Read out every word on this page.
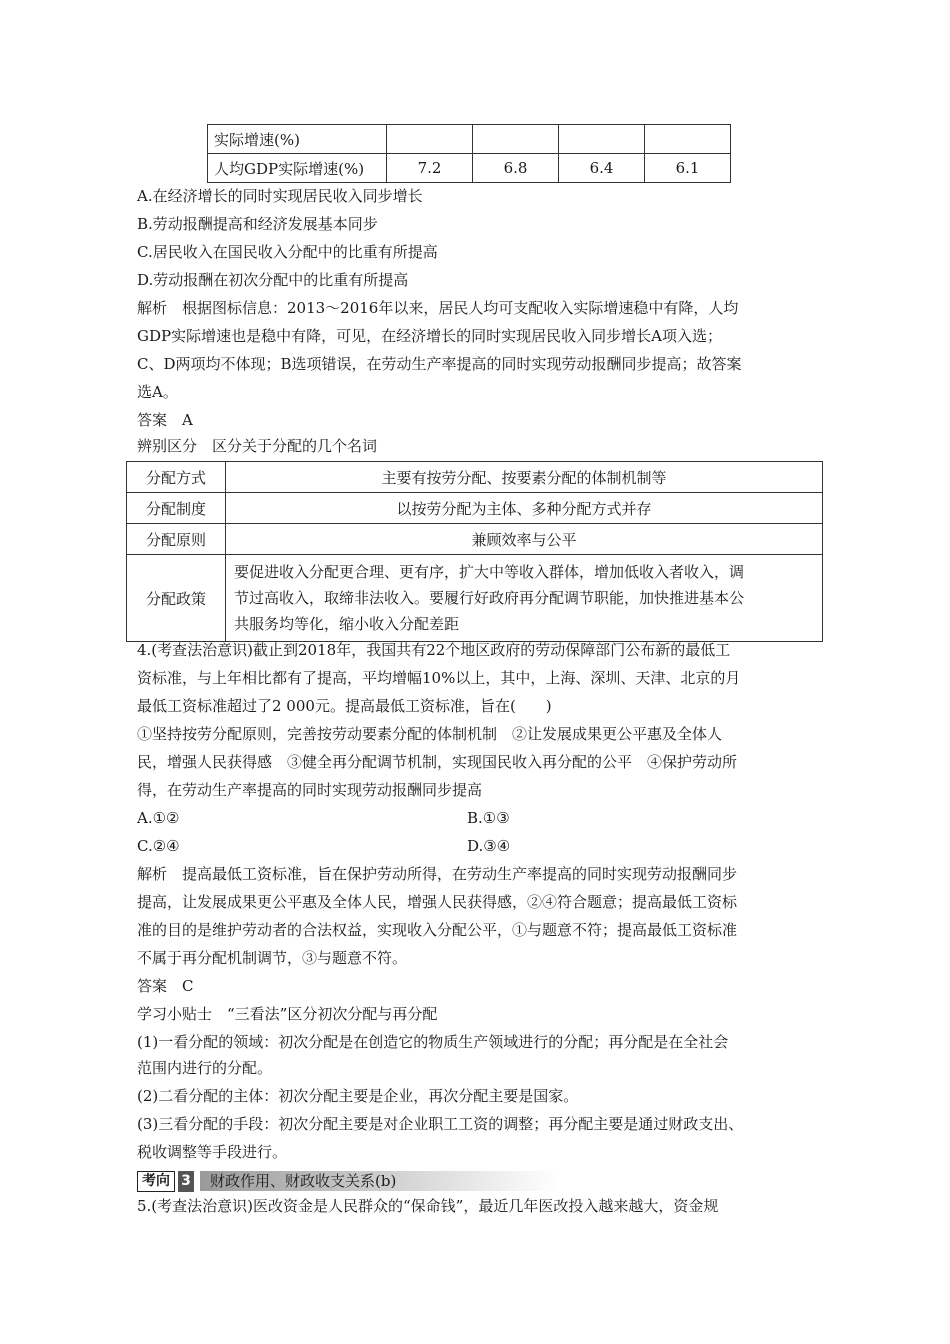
实际增速(%)				
人均GDP实际增速(%)	7.2	6.8	6.4	6.1
A.在经济增长的同时实现居民收入同步增长
B.劳动报酬提高和经济发展基本同步
C.居民收入在国民收入分配中的比重有所提高
D.劳动报酬在初次分配中的比重有所提高
解析　根据图标信息：2013～2016年以来，居民人均可支配收入实际增速稳中有降，人均
GDP实际增速也是稳中有降，可见，在经济增长的同时实现居民收入同步增长A项入选；
C、D两项均不体现；B选项错误，在劳动生产率提高的同时实现劳动报酬同步提高；故答案
选A。
答案　A
辨别区分　区分关于分配的几个名词
分配方式	主要有按劳分配、按要素分配的体制机制等
分配制度	以按劳分配为主体、多种分配方式并存
分配原则	兼顾效率与公平
分配政策	要促进收入分配更合理、更有序，扩大中等收入群体，增加低收入者收入，调
节过高收入，取缔非法收入。要履行好政府再分配调节职能，加快推进基本公
共服务均等化，缩小收入分配差距
4.(考查法治意识)截止到2018年，我国共有22个地区政府的劳动保障部门公布新的最低工
资标准，与上年相比都有了提高，平均增幅10%以上，其中，上海、深圳、天津、北京的月
最低工资标准超过了2 000元。提高最低工资标准，旨在(　　)
①坚持按劳分配原则，完善按劳动要素分配的体制机制　②让发展成果更公平惠及全体人
民，增强人民获得感　③健全再分配调节机制，实现国民收入再分配的公平　④保护劳动所
得，在劳动生产率提高的同时实现劳动报酬同步提高
A.①②	B.①③
C.②④	D.③④
解析　提高最低工资标准，旨在保护劳动所得，在劳动生产率提高的同时实现劳动报酬同步
提高，让发展成果更公平惠及全体人民，增强人民获得感，②④符合题意；提高最低工资标
准的目的是维护劳动者的合法权益，实现收入分配公平，①与题意不符；提高最低工资标准
不属于再分配机制调节，③与题意不符。
答案　C
学习小贴士　“三看法”区分初次分配与再分配
(1)一看分配的领域：初次分配是在创造它的物质生产领域进行的分配；再分配是在全社会
范围内进行的分配。
(2)二看分配的主体：初次分配主要是企业，再次分配主要是国家。
(3)三看分配的手段：初次分配主要是对企业职工工资的调整；再分配主要是通过财政支出、
税收调整等手段进行。
考向 3	财政作用、财政收支关系(b)
5.(考查法治意识)医改资金是人民群众的“保命钱”，最近几年医改投入越来越大，资金规
